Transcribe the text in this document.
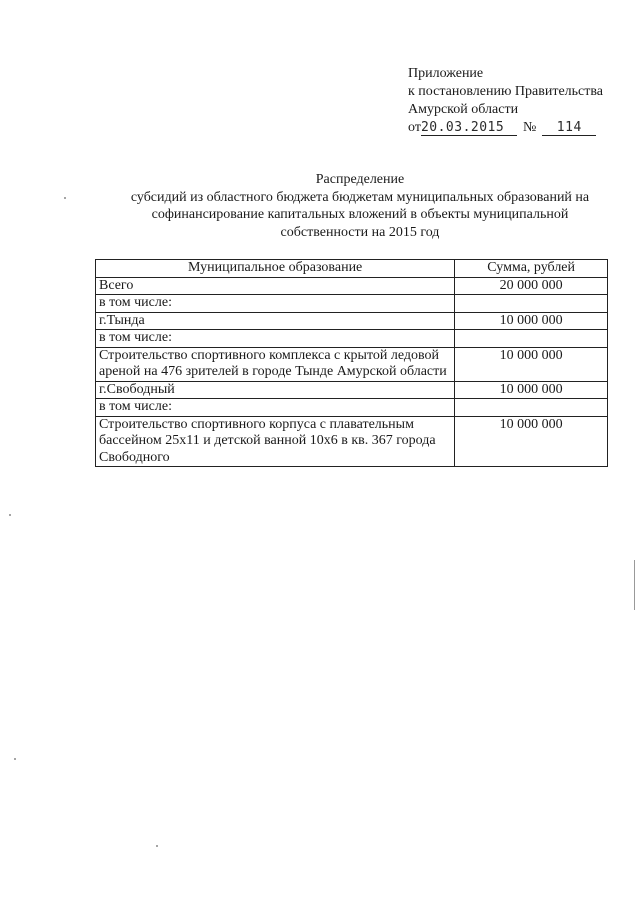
Приложение
к постановлению Правительства
Амурской области
от20.03.2015 № 114
Распределение
субсидий из областного бюджета бюджетам муниципальных образований на
софинансирование капитальных вложений в объекты муниципальной
собственности на 2015 год
Муниципальное образование	Сумма, рублей
Всего	20 000 000
в том числе:	
г.Тында	10 000 000
в том числе:	
Строительство спортивного комплекса с крытой ледовой ареной на 476 зрителей в городе Тынде Амурской области	10 000 000
г.Свободный	10 000 000
в том числе:	
Строительство спортивного корпуса с плавательным бассейном 25х11 и детской ванной 10х6 в кв. 367 города Свободного	10 000 000
